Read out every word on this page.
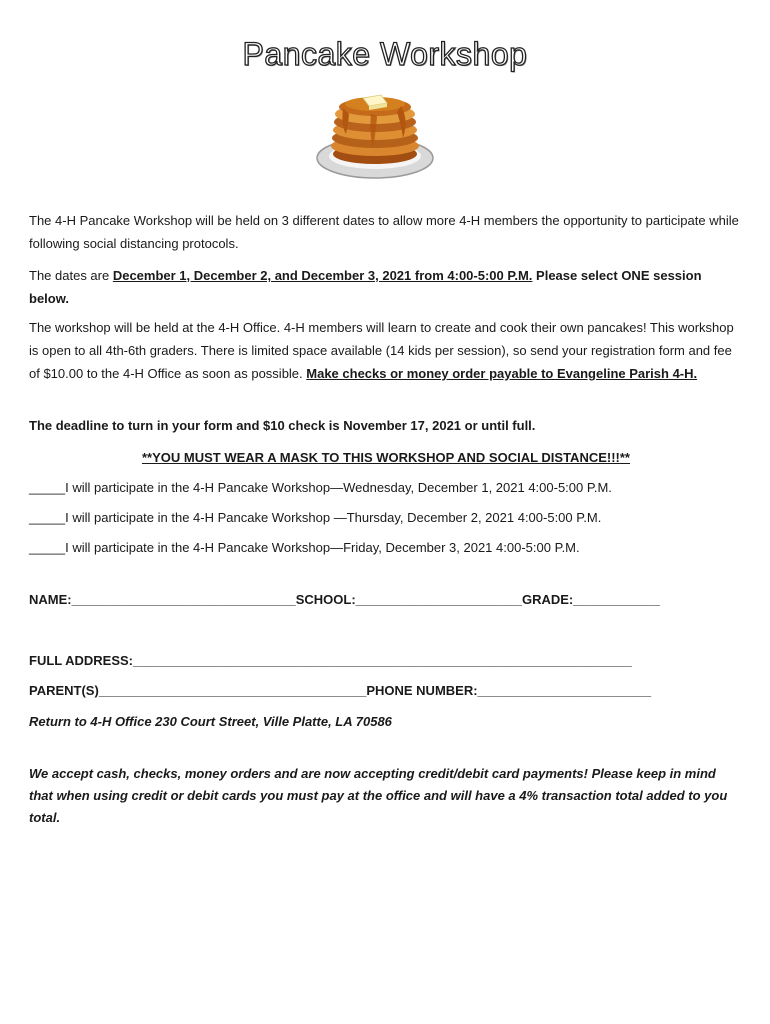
Pancake Workshop

The 4-H Pancake Workshop will be held on 3 different dates to allow more 4-H members the opportunity to participate while following social distancing protocols.

The dates are December 1, December 2, and December 3, 2021 from 4:00-5:00 P.M. Please select ONE session below.

The workshop will be held at the 4-H Office. 4-H members will learn to create and cook their own pancakes! This workshop is open to all 4th-6th graders. There is limited space available (14 kids per session), so send your registration form and fee of $10.00 to the 4-H Office as soon as possible. Make checks or money order payable to Evangeline Parish 4-H.

The deadline to turn in your form and $10 check is November 17, 2021 or until full.

**YOU MUST WEAR A MASK TO THIS WORKSHOP AND SOCIAL DISTANCE!!!**

_____I will participate in the 4-H Pancake Workshop—Wednesday, December 1, 2021 4:00-5:00 P.M.

_____I will participate in the 4-H Pancake Workshop —Thursday, December 2, 2021 4:00-5:00 P.M.

_____I will participate in the 4-H Pancake Workshop—Friday, December 3, 2021 4:00-5:00 P.M.

NAME:_______________________________SCHOOL:_______________________GRADE:____________
FULL ADDRESS:_____________________________________________________________________
PARENT(S)_____________________________________PHONE NUMBER:________________________

Return to 4-H Office 230 Court Street, Ville Platte, LA 70586

We accept cash, checks, money orders and are now accepting credit/debit card payments! Please keep in mind that when using credit or debit cards you must pay at the office and will have a 4% transaction total added to you total.
